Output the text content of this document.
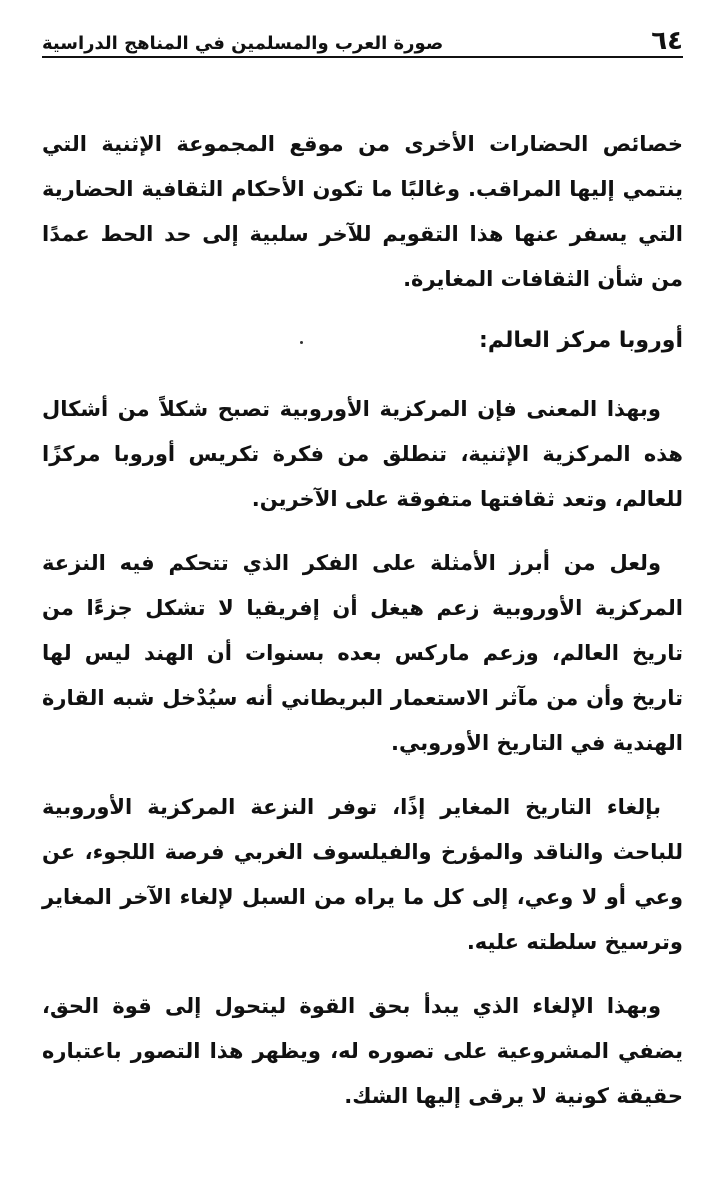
٦٤
صورة العرب والمسلمين في المناهج الدراسية

خصائص الحضارات الأخرى من موقع المجموعة الإثنية التي ينتمي إليها المراقب. وغالبًا ما تكون الأحكام الثقافية الحضارية التي يسفر عنها هذا التقويم للآخر سلبية إلى حد الحط عمدًا من شأن الثقافات المغايرة.

أوروبا مركز العالم:

وبهذا المعنى فإن المركزية الأوروبية تصبح شكلاً من أشكال هذه المركزية الإثنية، تنطلق من فكرة تكريس أوروبا مركزًا للعالم، وتعد ثقافتها متفوقة على الآخرين.

ولعل من أبرز الأمثلة على الفكر الذي تتحكم فيه النزعة المركزية الأوروبية زعم هيغل أن إفريقيا لا تشكل جزءًا من تاريخ العالم، وزعم ماركس بعده بسنوات أن الهند ليس لها تاريخ وأن من مآثر الاستعمار البريطاني أنه سيُدْخل شبه القارة الهندية في التاريخ الأوروبي.

بإلغاء التاريخ المغاير إذًا، توفر النزعة المركزية الأوروبية للباحث والناقد والمؤرخ والفيلسوف الغربي فرصة اللجوء، عن وعي أو لا وعي، إلى كل ما يراه من السبل لإلغاء الآخر المغاير وترسيخ سلطته عليه.

وبهذا الإلغاء الذي يبدأ بحق القوة ليتحول إلى قوة الحق، يضفي المشروعية على تصوره له، ويظهر هذا التصور باعتباره حقيقة كونية لا يرقى إليها الشك.
